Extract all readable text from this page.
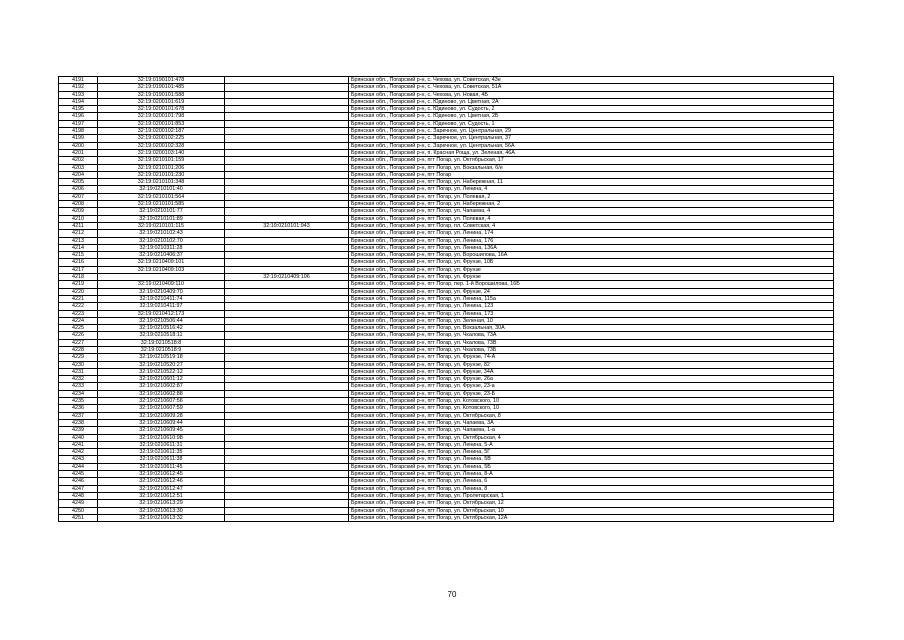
4191	32:19:0190101:478		Брянская обл., Погарский р-н, с. Чехова, ул. Советская, 43е
4192	32:19:0190101:485		Брянская обл., Погарский р-н, с. Чехова, ул. Советская, 51А
4193	32:19:0190101:588		Брянская обл., Погарский р-н, с. Чехова, ул. Новая, 4Б
4194	32:19:0200101:619		Брянская обл., Погарский р-н, с. Юдиново, ул. Цветная, 2А
4195	32:19:0200101:678		Брянская обл., Погарский р-н, с. Юдиново, ул. Судость, 2
4196	32:19:0200101:798		Брянская обл., Погарский р-н, с. Юдиново, ул. Цветная, 2Б
4197	32:19:0200101:853		Брянская обл., Погарский р-н, с. Юдиново, ул. Судость, 1
4198	32:19:0200102:187		Брянская обл., Погарский р-н, с. Заречное, ул. Центральная, 29
4199	32:19:0200102:225		Брянская обл., Погарский р-н, с. Заречное, ул. Центральная, 37
4200	32:19:0200102:328		Брянская обл., Погарский р-н, с. Заречное, ул. Центральная, 56А
4201	32:19:0200103:140		Брянская обл., Погарский р-н, п. Красная Роща, ул. Зеленая, 46А
4202	32:19:0210101:159		Брянская обл., Погарский р-н, пгт Погар, ул. Октябрьская, 17
4203	32:19:0210101:206		Брянская обл., Погарский р-н, пгт Погар, ул. Вокзальная, б/н
4204	32:19:0210101:230		Брянская обл., Погарский р-н, пгт Погар
4205	32:19:0210101:348		Брянская обл., Погарский р-н, пгт Погар, ул. Набережная, 11
4206	32:19:0210101:40		Брянская обл., Погарский р-н, пгт Погар, ул. Ленина, 4
4207	32:19:0210101:564		Брянская обл., Погарский р-н, пгт Погар, ул. Полевая, 2
4208	32:19:0210101:585		Брянская обл., Погарский р-н, пгт Погар, ул. Набережная, 2
4209	32:19:0210101:77		Брянская обл., Погарский р-н, пгт Погар, ул. Чапаева, 4
4210	32:19:0210101:89		Брянская обл., Погарский р-н, пгт Погар, ул. Полевая, 4
4211	32:19:0210101:115	32:19:0210101:943	Брянская обл., Погарский р-н, пгт Погар, пл. Советская, 4
4212	32:19:0210102:43		Брянская обл., Погарский р-н, пгт Погар, ул. Ленина, 174
4213	32:19:0210102:70		Брянская обл., Погарский р-н, пгт Погар, ул. Ленина, 176
4214	32:19:0210311:28		Брянская обл., Погарский р-н, пгт Погар, ул. Ленина, 136А
4215	32:19:0210406:37		Брянская обл., Погарский р-н, пгт Погар, ул. Ворошилова, 16А
4216	32:19:0210409:101		Брянская обл., Погарский р-н, пгт Погар, ул. Фрунзе, 10Б
4217	32:19:0210409:103		Брянская обл., Погарский р-н, пгт Погар, ул. Фрунзе
4218		32:19:0210409:106	Брянская обл., Погарский р-н, пгт Погар, ул. Фрунзе
4219	32:19:0210409:110		Брянская обл., Погарский р-н, пгт Погар, пер. 1-й Ворошилова, 16Б
4220	32:19:0210409:70		Брянская обл., Погарский р-н, пгт Погар, ул. Фрунзе, 24
4221	32:19:0210411:74		Брянская обл., Погарский р-н, пгт Погар, ул. Ленина, 115а
4222	32:19:0210411:97		Брянская обл., Погарский р-н, пгт Погар, ул. Ленина, 123
4223	32:19:0210412:173		Брянская обл., Погарский р-н, пгт Погар, ул. Ленина, 173
4224	32:19:0210506:44		Брянская обл., Погарский р-н, пгт Погар, ул. Зеленая, 10
4225	32:19:0210516:42		Брянская обл., Погарский р-н, пгт Погар, ул. Вокзальная, 30А
4226	32:19:0210518:11		Брянская обл., Погарский р-н, пгт Погар, ул. Чкалова, 73А
4227	32:19:0210518:8		Брянская обл., Погарский р-н, пгт Погар, ул. Чкалова, 73В
4228	32:19:0210518:9		Брянская обл., Погарский р-н, пгт Погар, ул. Чкалова, 73Б
4229	32:19:0210519:18		Брянская обл., Погарский р-н, пгт Погар, ул. Фрунзе, 74-А
4230	32:19:0210520:27		Брянская обл., Погарский р-н, пгт Погар, ул. Фрунзе, 82
4231	32:19:0210522:12		Брянская обл., Погарский р-н, пгт Погар, ул. Фрунзе, 34А
4232	32:19:0210601:12		Брянская обл., Погарский р-н, пгт Погар, ул. Фрунзе, 26а
4233	32:19:0210602:87		Брянская обл., Погарский р-н, пгт Погар, ул. Фрунзе, 23-а
4234	32:19:0210602:88		Брянская обл., Погарский р-н, пгт Погар, ул. Фрунзе, 23-Б
4235	32:19:0210607:56		Брянская обл., Погарский р-н, пгт Погар, ул. Котовского, 10
4236	32:19:0210607:59		Брянская обл., Погарский р-н, пгт Погар, ул. Котовского, 10
4237	32:19:0210609:28		Брянская обл., Погарский р-н, пгт Погар, ул. Октябрьская, 8
4238	32:19:0210609:44		Брянская обл., Погарский р-н, пгт Погар, ул. Чапаева, 3А
4239	32:19:0210609:45		Брянская обл., Погарский р-н, пгт Погар, ул. Чапаева, 1-а
4240	32:19:0210610:98		Брянская обл., Погарский р-н, пгт Погар, ул. Октябрьская, 4
4241	32:19:0210611:31		Брянская обл., Погарский р-н, пгт Погар, ул. Ленина, 5-А
4242	32:19:0210611:35		Брянская обл., Погарский р-н, пгт Погар, ул. Ленина, 5Г
4243	32:19:0210611:38		Брянская обл., Погарский р-н, пгт Погар, ул. Ленина, 5В
4244	32:19:0210611:45		Брянская обл., Погарский р-н, пгт Погар, ул. Ленина, 5Б
4245	32:19:0210612:45		Брянская обл., Погарский р-н, пгт Погар, ул. Ленина, 8-А
4246	32:19:0210612:46		Брянская обл., Погарский р-н, пгт Погар, ул. Ленина, 6
4247	32:19:0210612:47		Брянская обл., Погарский р-н, пгт Погар, ул. Ленина, 8
4248	32:19:0210612:51		Брянская обл., Погарский р-н, пгт Погар, ул. Пролетарская, 1
4249	32:19:0210613:29		Брянская обл., Погарский р-н, пгт Погар, ул. Октябрьская, 12
4250	32:19:0210613:30		Брянская обл., Погарский р-н, пгт Погар, ул. Октябрьская, 10
4251	32:19:0210613:32		Брянская обл., Погарский р-н, пгт Погар, ул. Октябрьская, 12А
70
